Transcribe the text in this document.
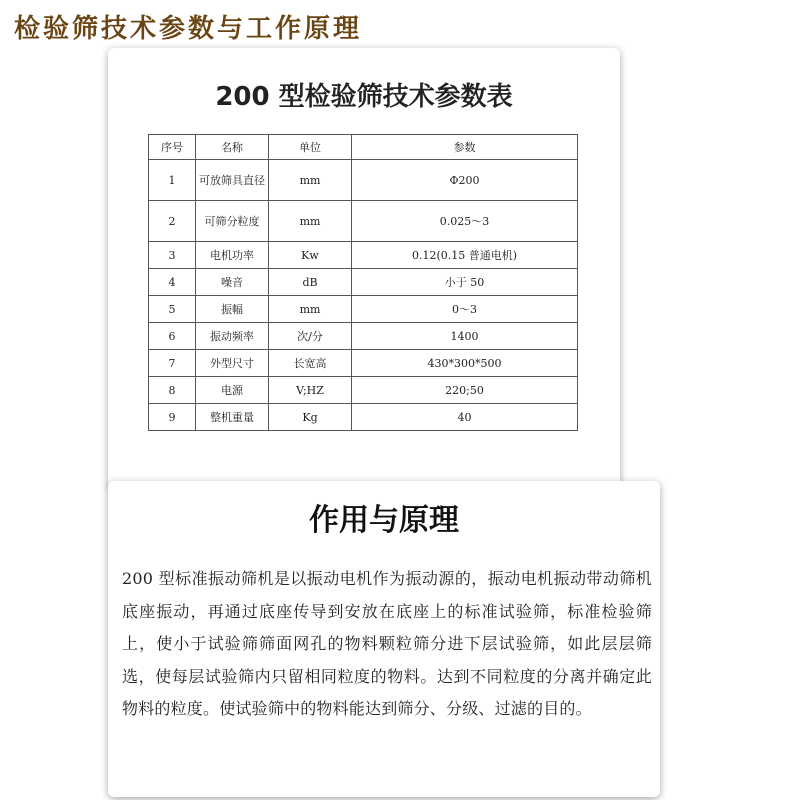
检验筛技术参数与工作原理
200 型检验筛技术参数表
序号	名称	单位	参数
1	可放筛具直径	mm	Φ200
2	可筛分粒度	mm	0.025～3
3	电机功率	Kw	0.12(0.15 普通电机)
4	噪音	dB	小于 50
5	振幅	mm	0～3
6	振动频率	次/分	1400
7	外型尺寸	长宽高	430*300*500
8	电源	V;HZ	220;50
9	整机重量	Kg	40
作用与原理
200 型标准振动筛机是以振动电机作为振动源的，振动电机振动带动筛机底座振动，再通过底座传导到安放在底座上的标准试验筛，标准检验筛上，使小于试验筛筛面网孔的物料颗粒筛分进下层试验筛，如此层层筛选，使每层试验筛内只留相同粒度的物料。达到不同粒度的分离并确定此物料的粒度。使试验筛中的物料能达到筛分、分级、过滤的目的。
